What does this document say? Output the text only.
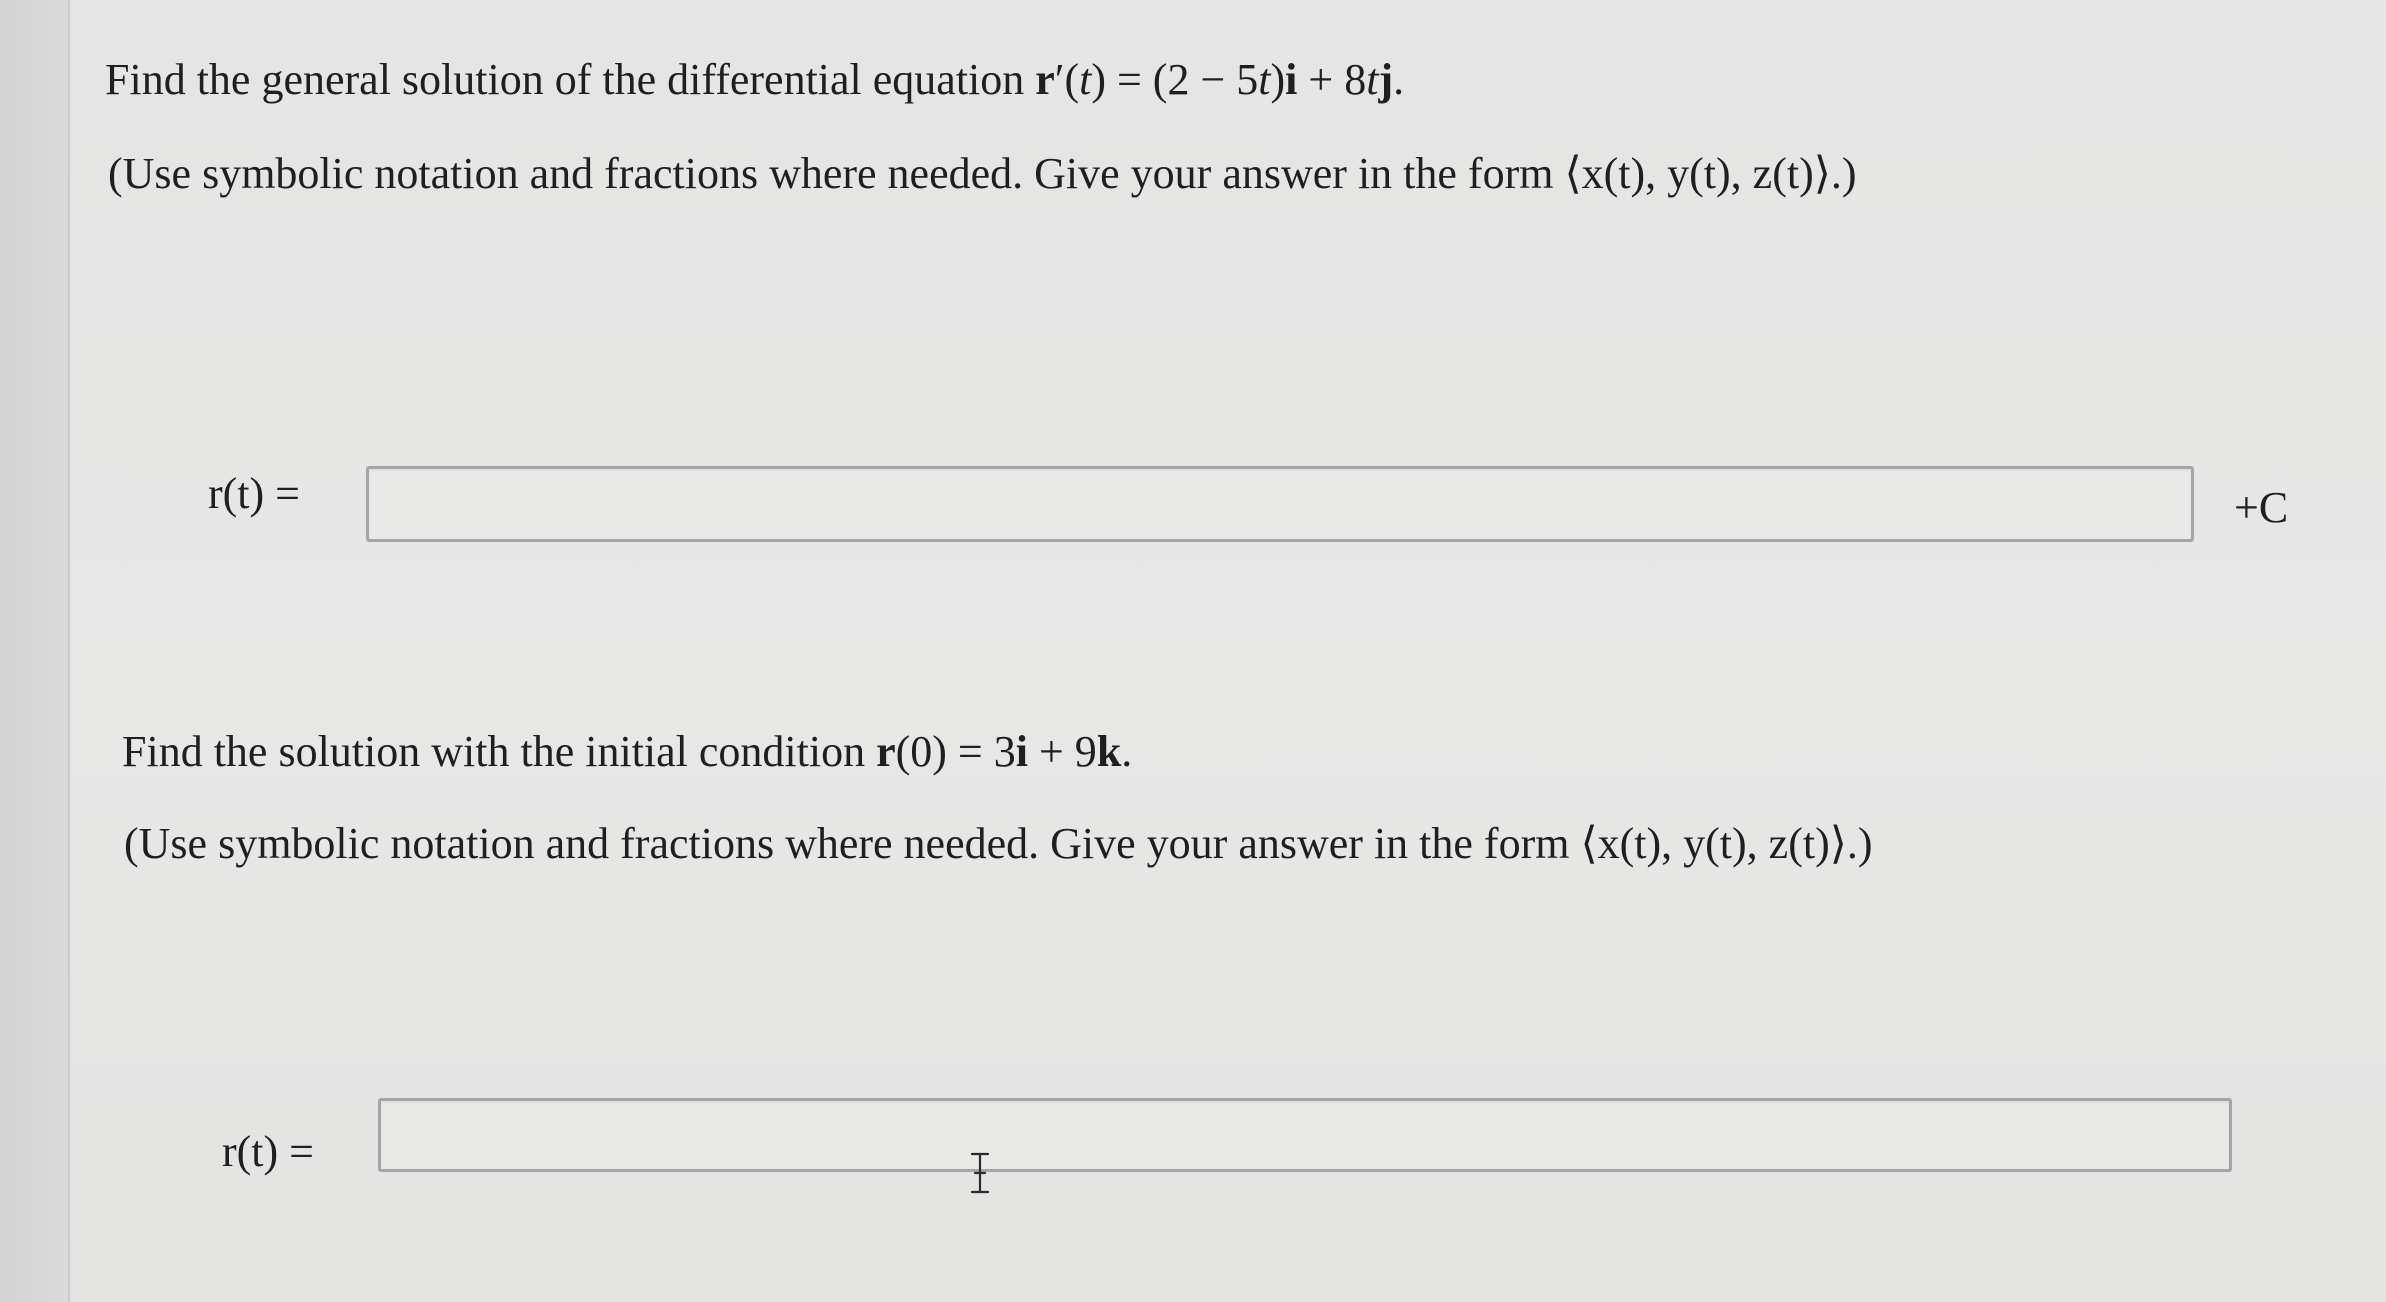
Find the general solution of the differential equation r′(t) = (2 − 5t)i + 8tj.
(Use symbolic notation and fractions where needed. Give your answer in the form ⟨x(t), y(t), z(t)⟩.)
r(t) =	+C
Find the solution with the initial condition r(0) = 3i + 9k.
(Use symbolic notation and fractions where needed. Give your answer in the form ⟨x(t), y(t), z(t)⟩.)
r(t) =
